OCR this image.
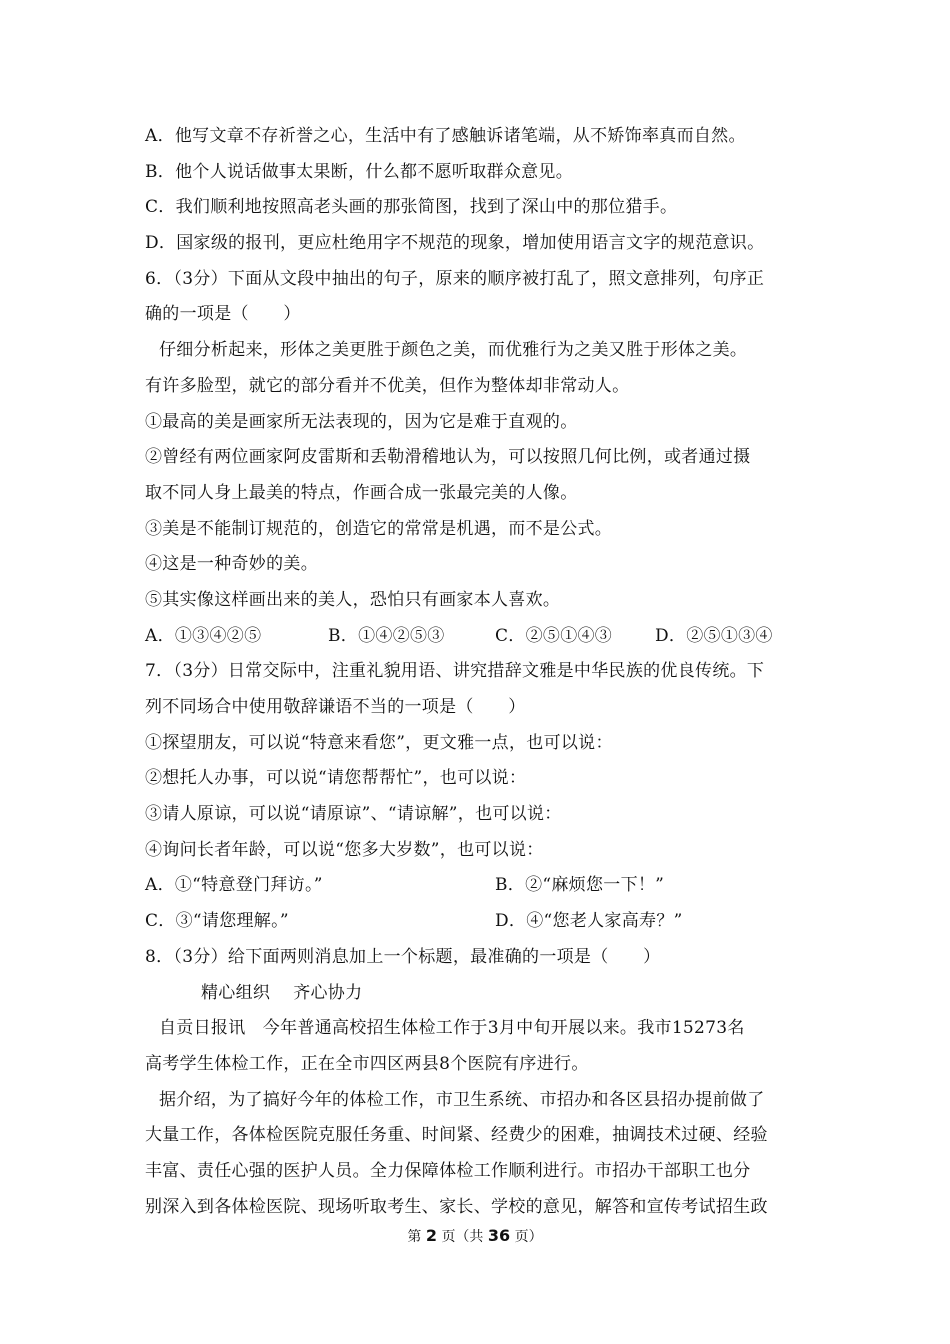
A．他写文章不存祈誉之心，生活中有了感触诉诸笔端，从不矫饰率真而自然。
B．他个人说话做事太果断，什么都不愿听取群众意见。
C．我们顺利地按照高老头画的那张简图，找到了深山中的那位猎手。
D．国家级的报刊，更应杜绝用字不规范的现象，增加使用语言文字的规范意识。
6．（3分）下面从文段中抽出的句子，原来的顺序被打乱了，照文意排列，句序正
确的一项是（　　）
仔细分析起来，形体之美更胜于颜色之美，而优雅行为之美又胜于形体之美。
有许多脸型，就它的部分看并不优美，但作为整体却非常动人。
①最高的美是画家所无法表现的，因为它是难于直观的。
②曾经有两位画家阿皮雷斯和丢勒滑稽地认为，可以按照几何比例，或者通过摄
取不同人身上最美的特点，作画合成一张最完美的人像。
③美是不能制订规范的，创造它的常常是机遇，而不是公式。
④这是一种奇妙的美。
⑤其实像这样画出来的美人，恐怕只有画家本人喜欢。
A．①③④②⑤	B．①④②⑤③	C．②⑤①④③	D．②⑤①③④
7．（3分）日常交际中，注重礼貌用语、讲究措辞文雅是中华民族的优良传统。下
列不同场合中使用敬辞谦语不当的一项是（　　）
①探望朋友，可以说“特意来看您”，更文雅一点，也可以说：
②想托人办事，可以说“请您帮帮忙”，也可以说：
③请人原谅，可以说“请原谅”、“请谅解”，也可以说：
④询问长者年龄，可以说“您多大岁数”，也可以说：
A．①“特意登门拜访。”	B．②“麻烦您一下！”
C．③“请您理解。”	D．④“您老人家高寿？”
8．（3分）给下面两则消息加上一个标题，最准确的一项是（　　）
精心组织　 齐心协力
自贡日报讯　今年普通高校招生体检工作于3月中旬开展以来。我市15273名
高考学生体检工作，正在全市四区两县8个医院有序进行。
据介绍，为了搞好今年的体检工作，市卫生系统、市招办和各区县招办提前做了
大量工作，各体检医院克服任务重、时间紧、经费少的困难，抽调技术过硬、经验
丰富、责任心强的医护人员。全力保障体检工作顺利进行。市招办干部职工也分
别深入到各体检医院、现场听取考生、家长、学校的意见，解答和宣传考试招生政
第 2 页（共 36 页）
